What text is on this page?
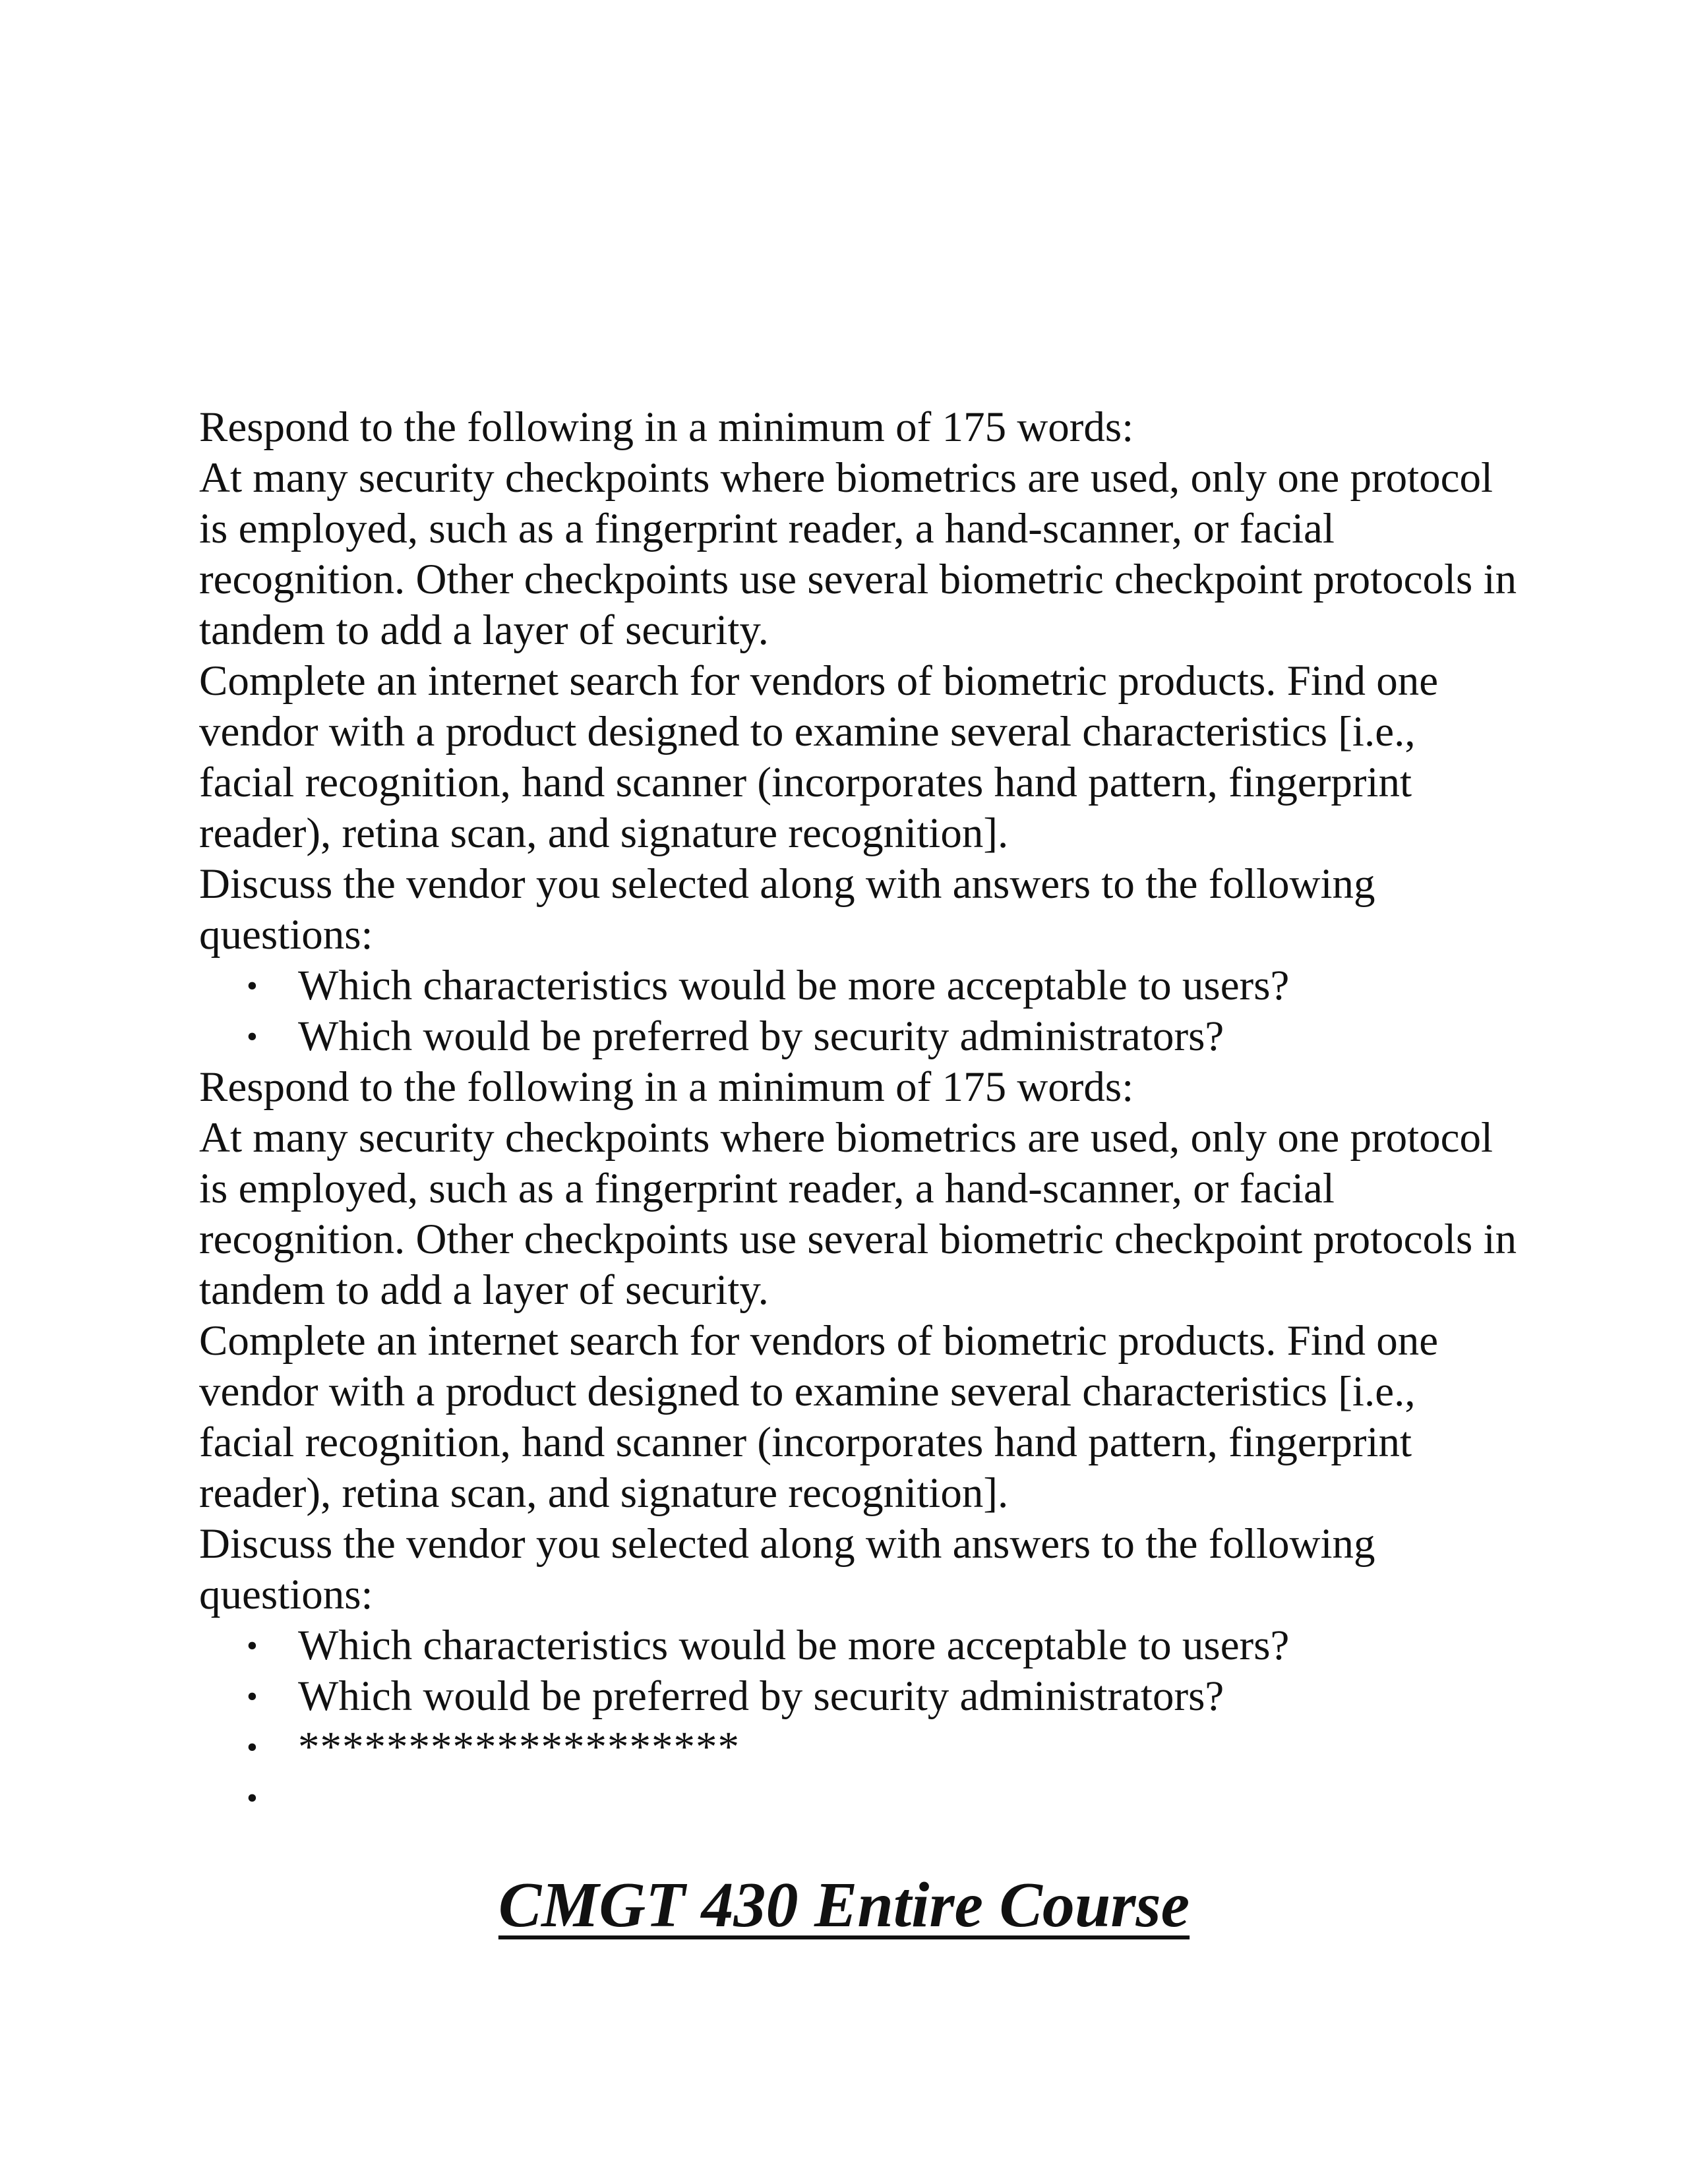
Respond to the following in a minimum of 175 words:

At many security checkpoints where biometrics are used, only one protocol is employed, such as a fingerprint reader, a hand-scanner, or facial recognition. Other checkpoints use several biometric checkpoint protocols in tandem to add a layer of security.

Complete an internet search for vendors of biometric products. Find one vendor with a product designed to examine several characteristics [i.e., facial recognition, hand scanner (incorporates hand pattern, fingerprint reader), retina scan, and signature recognition].

Discuss the vendor you selected along with answers to the following questions:

• Which characteristics would be more acceptable to users?
• Which would be preferred by security administrators?

Respond to the following in a minimum of 175 words:

At many security checkpoints where biometrics are used, only one protocol is employed, such as a fingerprint reader, a hand-scanner, or facial recognition. Other checkpoints use several biometric checkpoint protocols in tandem to add a layer of security.

Complete an internet search for vendors of biometric products. Find one vendor with a product designed to examine several characteristics [i.e., facial recognition, hand scanner (incorporates hand pattern, fingerprint reader), retina scan, and signature recognition].

Discuss the vendor you selected along with answers to the following questions:

• Which characteristics would be more acceptable to users?
• Which would be preferred by security administrators?
• ********************
•
CMGT 430 Entire Course
